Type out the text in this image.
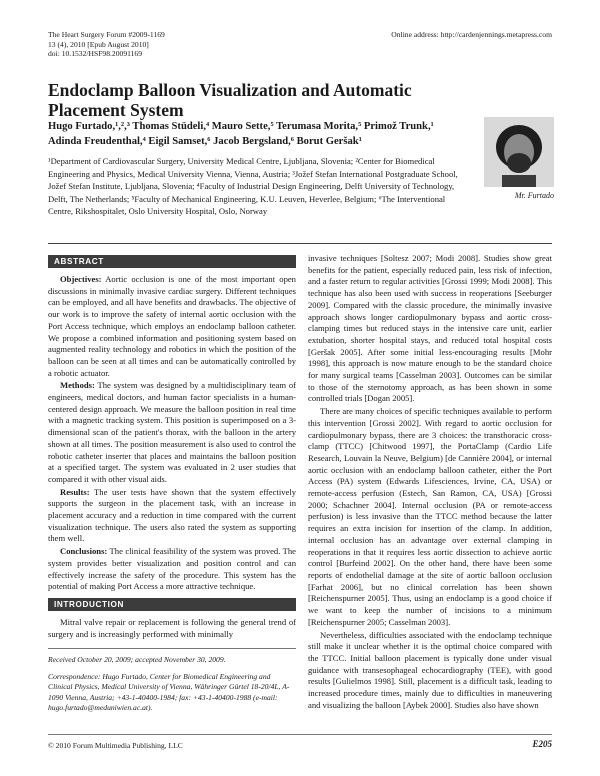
The Heart Surgery Forum #2009-1169
13 (4), 2010 [Epub August 2010]
doi: 10.1532/HSF98.20091169
Online address: http://cardenjennings.metapress.com
Endoclamp Balloon Visualization and Automatic Placement System
Hugo Furtado,¹,²,³ Thomas Stüdeli,⁴ Mauro Sette,⁵ Terumasa Morita,⁵ Primož Trunk,¹ Adinda Freudenthal,⁴ Eigil Samset,⁶ Jacob Bergsland,⁶ Borut Geršak¹
¹Department of Cardiovascular Surgery, University Medical Centre, Ljubljana, Slovenia; ²Center for Biomedical Engineering and Physics, Medical University Vienna, Vienna, Austria; ³Jožef Stefan International Postgraduate School, Jožef Stefan Institute, Ljubljana, Slovenia; ⁴Faculty of Industrial Design Engineering, Delft University of Technology, Delft, The Netherlands; ⁵Faculty of Mechanical Engineering, K.U. Leuven, Heverlee, Belgium; ⁶The Interventional Centre, Rikshospitalet, Oslo University Hospital, Oslo, Norway
Mr. Furtado
ABSTRACT

Objectives: Aortic occlusion is one of the most important open discussions in minimally invasive cardiac surgery. Different techniques can be employed, and all have benefits and drawbacks. The objective of our work is to improve the safety of internal aortic occlusion with the Port Access technique, which employs an endoclamp balloon catheter. We propose a combined information and positioning system based on augmented reality technology and robotics in which the position of the balloon can be seen at all times and can be automatically controlled by a robotic actuator.

Methods: The system was designed by a multidisciplinary team of engineers, medical doctors, and human factor specialists in a human-centered design approach. We measure the balloon position in real time with a magnetic tracking system. This position is superimposed on a 3-dimensional scan of the patient's thorax, with the balloon in the artery shown at all times. The position measurement is also used to control the robotic catheter inserter that places and maintains the balloon position at a specified target. The system was evaluated in 2 user studies that compared it with other visual aids.

Results: The user tests have shown that the system effectively supports the surgeon in the placement task, with an increase in placement accuracy and a reduction in time compared with the current visualization technique. The users also rated the system as supporting them well.

Conclusions: The clinical feasibility of the system was proved. The system provides better visualization and position control and can effectively increase the safety of the procedure. This system has the potential of making Port Access a more attractive technique.

INTRODUCTION

Mitral valve repair or replacement is following the general trend of surgery and is increasingly performed with minimally

Received October 20, 2009; accepted November 30, 2009.
Correspondence: Hugo Furtado, Center for Biomedical Engineering and Clinical Physics, Medical University of Vienna, Währinger Gürtel 18-20/4L, A-1090 Vienna, Austria; +43-1-40400-1984; fax: +43-1-40400-1988 (e-mail: hugo.furtado@meduniwien.ac.at).

invasive techniques [Soltesz 2007; Modi 2008]. Studies show great benefits for the patient, especially reduced pain, less risk of infection, and a faster return to regular activities [Grossi 1999; Modi 2008]. This technique has also been used with success in reoperations [Seeburger 2009]. Compared with the classic procedure, the minimally invasive approach shows longer cardiopulmonary bypass and aortic cross-clamping times but reduced stays in the intensive care unit, earlier extubation, shorter hospital stays, and reduced total hospital costs [Geršak 2005]. After some initial less-encouraging results [Mohr 1998], this approach is now mature enough to be the standard choice for many surgical teams [Casselman 2003]. Outcomes can be similar to those of the sternotomy approach, as has been shown in some controlled trials [Dogan 2005].

There are many choices of specific techniques available to perform this intervention [Grossi 2002]. With regard to aortic occlusion for cardiopulmonary bypass, there are 3 choices: the transthoracic cross-clamp (TTCC) [Chitwood 1997], the PortaClamp (Cardio Life Research, Louvain la Neuve, Belgium) [de Cannière 2004], or internal aortic occlusion with an endoclamp balloon catheter, either the Port Access (PA) system (Edwards Lifesciences, Irvine, CA, USA) or remote-access perfusion (Estech, San Ramon, CA, USA) [Grossi 2000; Schachner 2004]. Internal occlusion (PA or remote-access perfusion) is less invasive than the TTCC method because the latter requires an extra incision for insertion of the clamp. In addition, internal occlusion has an advantage over external clamping in reoperations in that it requires less aortic dissection to achieve aortic control [Burfeind 2002]. On the other hand, there have been some reports of endothelial damage at the site of aortic balloon occlusion [Farhat 2006], but no clinical correlation has been shown [Reichenspurner 2005]. Thus, using an endoclamp is a good choice if we want to keep the number of incisions to a minimum [Reichenspurner 2005; Casselman 2003].

Nevertheless, difficulties associated with the endoclamp technique still make it unclear whether it is the optimal choice compared with the TTCC. Initial balloon placement is typically done under visual guidance with transesophageal echocardiography (TEE), with good results [Gulielmos 1998]. Still, placement is a difficult task, leading to increased procedure times, mainly due to difficulties in maneuvering and visualizing the balloon [Aybek 2000]. Studies also have shown

© 2010 Forum Multimedia Publishing, LLC	E205
